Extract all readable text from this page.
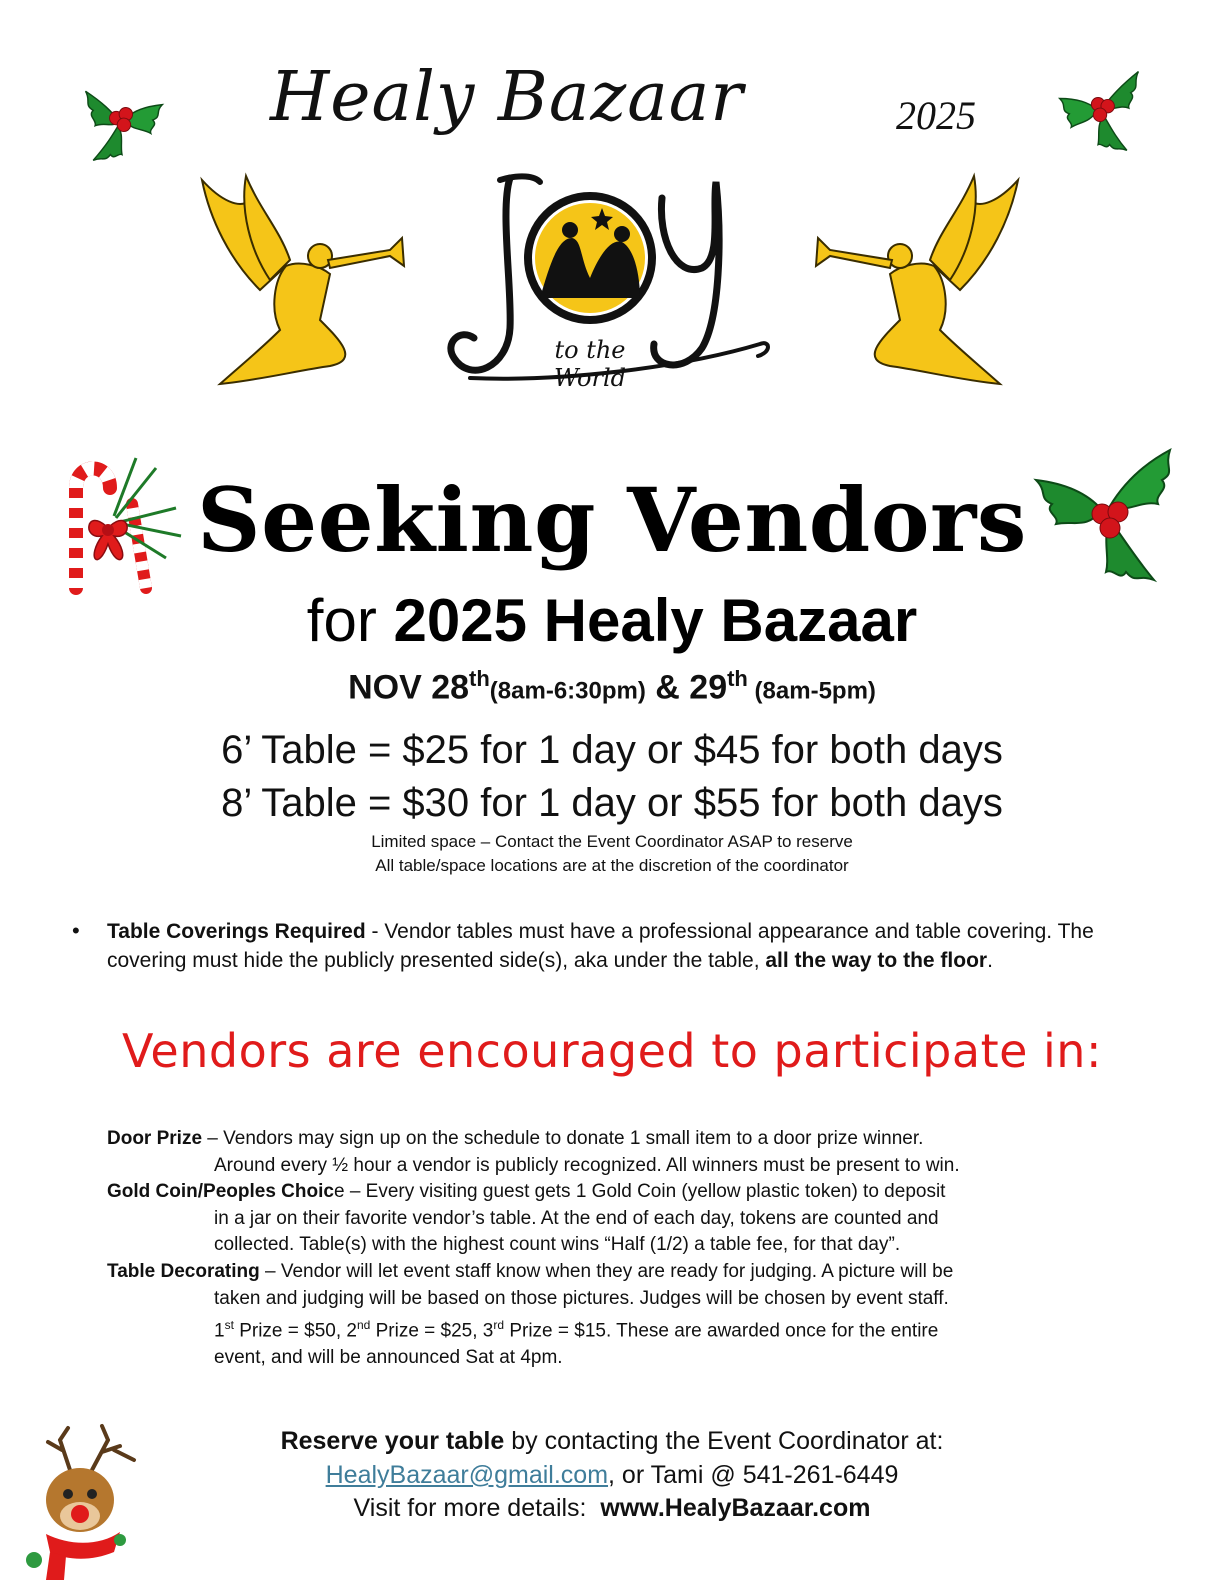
Healy Bazaar	2025
to the World
Seeking Vendors
for 2025 Healy Bazaar
NOV 28th(8am-6:30pm) & 29th (8am-5pm)
6’ Table = $25 for 1 day or $45 for both days
8’ Table = $30 for 1 day or $55 for both days
Limited space – Contact the Event Coordinator ASAP to reserve
All table/space locations are at the discretion of the coordinator
• Table Coverings Required - Vendor tables must have a professional appearance and table covering. The covering must hide the publicly presented side(s), aka under the table, all the way to the floor.
Vendors are encouraged to participate in:
Door Prize – Vendors may sign up on the schedule to donate 1 small item to a door prize winner.
Around every ½ hour a vendor is publicly recognized. All winners must be present to win.
Gold Coin/Peoples Choice – Every visiting guest gets 1 Gold Coin (yellow plastic token) to deposit
in a jar on their favorite vendor’s table. At the end of each day, tokens are counted and
collected. Table(s) with the highest count wins “Half (1/2) a table fee, for that day”.
Table Decorating – Vendor will let event staff know when they are ready for judging. A picture will be
taken and judging will be based on those pictures. Judges will be chosen by event staff.
1st Prize = $50, 2nd Prize = $25, 3rd Prize = $15. These are awarded once for the entire
event, and will be announced Sat at 4pm.
Reserve your table by contacting the Event Coordinator at:
HealyBazaar@gmail.com, or Tami @ 541-261-6449
Visit for more details:  www.HealyBazaar.com
